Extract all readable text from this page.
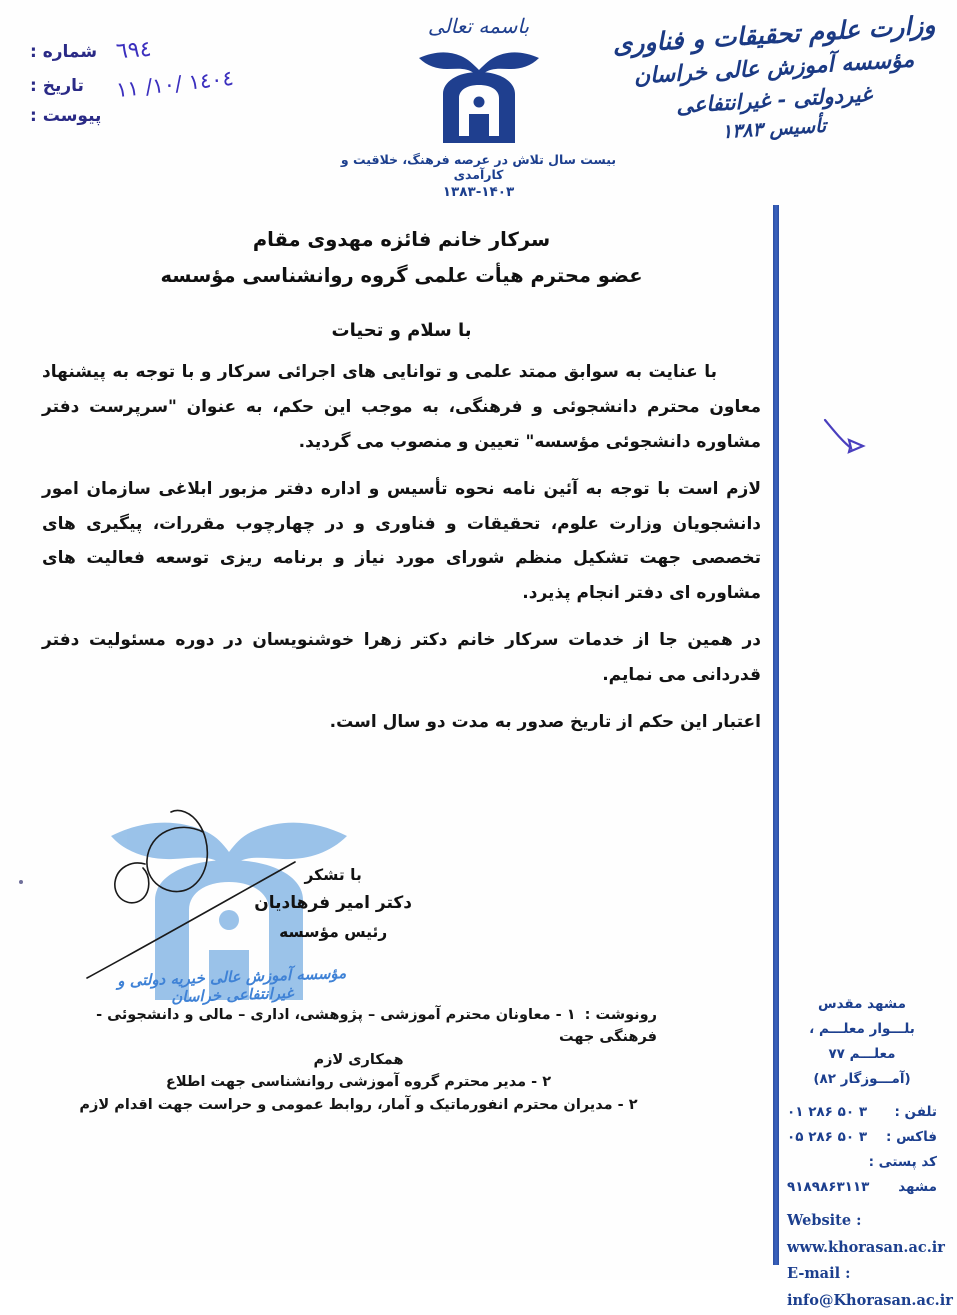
شماره : ٦٩٤
تاریخ :	١٤٠٤ /١٠/ ١١
پیوست :
باسمه تعالی
بیست سال تلاش در عرصه فرهنگ، خلاقیت و کارآمدی
۱۳۸۳-۱۴۰۳
وزارت علوم تحقیقات و فناوری
مؤسسه آموزش عالی خراسان
غیردولتی - غیرانتفاعی
تأسیس ۱۳۸۳
سرکار خانم فائزه مهدوی مقام
عضو محترم هیأت علمی گروه روانشناسی مؤسسه
با سلام و تحیات

با عنایت به سوابق ممتد علمی و توانایی های اجرائی سرکار و با توجه به پیشنهاد معاون محترم دانشجوئی و فرهنگی، به موجب این حکم، به عنوان "سرپرست دفتر مشاوره دانشجوئی مؤسسه" تعیین و منصوب می گردید.

لازم است با توجه به آئین نامه نحوه تأسیس و اداره دفتر مزبور ابلاغی سازمان امور دانشجویان وزارت علوم، تحقیقات و فناوری و در چهارچوب مقررات، پیگیری های تخصصی جهت تشکیل منظم شورای مورد نیاز و برنامه ریزی توسعه فعالیت های مشاوره ای دفتر انجام پذیرد.

در همین جا از خدمات سرکار خانم دکتر زهرا خوشنویسان در دوره مسئولیت دفتر قدردانی می نمایم.

اعتبار این حکم از تاریخ صدور به مدت دو سال است.

مؤسسه آموزش عالی خیریه دولتی و غیرانتفاعی خراسان
با تشکر
دکتر امیر فرهادیان
رئیس مؤسسه
رونوشت : ۱ - معاونان محترم آموزشی – پژوهشی، اداری – مالی و دانشجوئی - فرهنگی جهت
همکاری لازم
۲ - مدیر محترم گروه آموزشی روانشناسی جهت اطلاع
۲ - مدیران محترم انفورماتیک و آمار، روابط عمومی و حراست جهت اقدام لازم
مشهد مقدس
بلـــوار معلـــم ، معلـــم ۷۷
(آمـــوزگار ۸۲)
تلفن :
۳ ۵۰ ۲۸۶ ۰۱
فاکس :
۳ ۵۰ ۲۸۶ ۰۵
کد پستی :
مشهد
۹۱۸۹۸۶۳۱۱۳
Website :
www.khorasan.ac.ir
E-mail :
info@Khorasan.ac.ir
